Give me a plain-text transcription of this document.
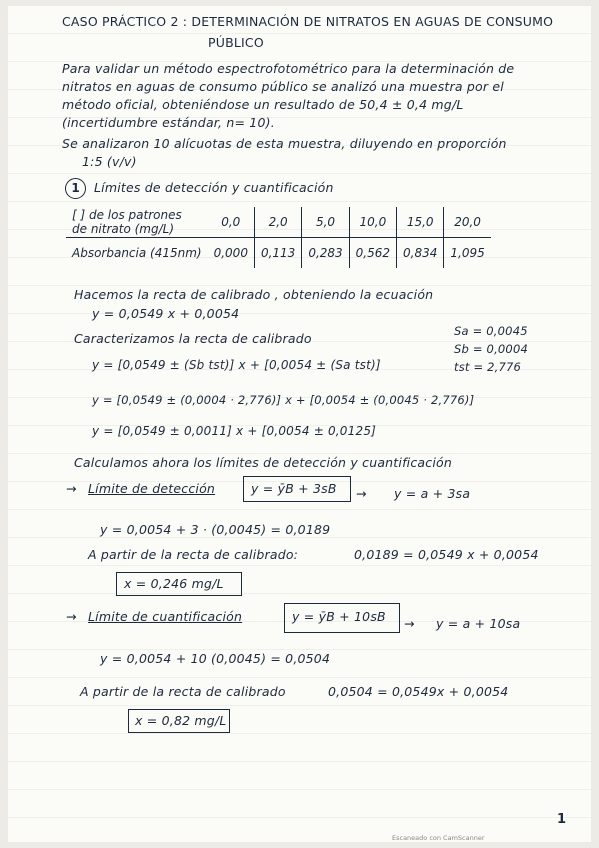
CASO PRÁCTICO 2 : DETERMINACIÓN DE NITRATOS EN AGUAS DE CONSUMO
PÚBLICO
Para validar un método espectrofotométrico para la determinación de
nitratos en aguas de consumo público se analizó una muestra por el
método oficial, obteniéndose un resultado de 50,4 ± 0,4 mg/L
(incertidumbre estándar, n= 10).
Se analizaron 10 alícuotas de esta muestra, diluyendo en proporción
1:5 (v/v)
1	Límites de detección y cuantificación
[ ] de los patrones
de nitrato (mg/L)	0,0	2,0	5,0	10,0	15,0	20,0
Absorbancia (415nm)	0,000	0,113	0,283	0,562	0,834	1,095
Hacemos la recta de calibrado , obteniendo la ecuación
y = 0,0549 x + 0,0054
Caracterizamos la recta de calibrado	Sa = 0,0045
Sb = 0,0004
tst = 2,776
y = [0,0549 ± (Sb tst)] x + [0,0054 ± (Sa tst)]
y = [0,0549 ± (0,0004 · 2,776)] x + [0,0054 ± (0,0045 · 2,776)]
y = [0,0549 ± 0,0011] x + [0,0054 ± 0,0125]
Calculamos ahora los límites de detección y cuantificación
→ Límite de detección	y = ȳB + 3sB → y = a + 3sa
y = 0,0054 + 3 · (0,0045) = 0,0189
A partir de la recta de calibrado:	0,0189 = 0,0549 x + 0,0054
x = 0,246 mg/L
→ Límite de cuantificación	y = ȳB + 10sB → y = a + 10sa
y = 0,0054 + 10 (0,0045) = 0,0504
A partir de la recta de calibrado	0,0504 = 0,0549x + 0,0054
x = 0,82 mg/L
1
Escaneado con CamScanner
